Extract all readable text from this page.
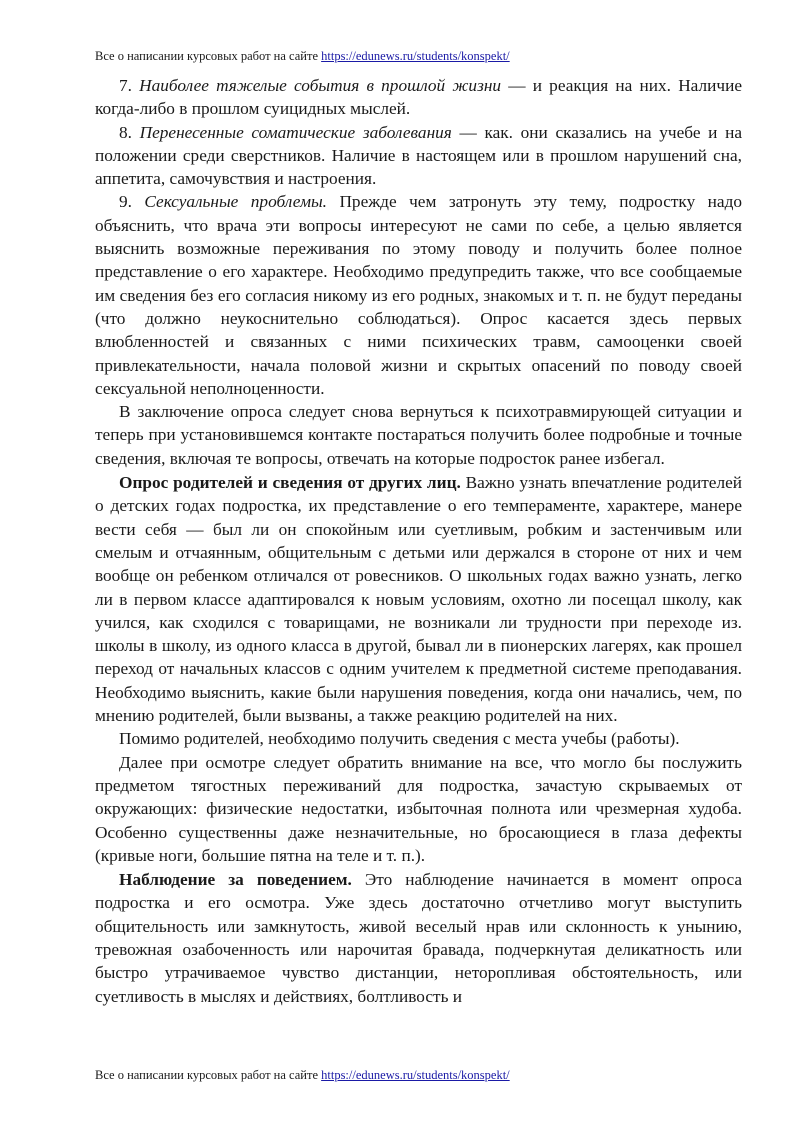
Все о написании курсовых работ на сайте https://edunews.ru/students/konspekt/

7. Наиболее тяжелые события в прошлой жизни — и реакция на них. Наличие когда-либо в прошлом суицидных мыслей.

8. Перенесенные соматические заболевания — как. они сказались на учебе и на положении среди сверстников. Наличие в настоящем или в прошлом нарушений сна, аппетита, самочувствия и настроения.

9. Сексуальные проблемы. Прежде чем затронуть эту тему, подростку надо объяснить, что врача эти вопросы интересуют не сами по себе, а целью является выяснить возможные переживания по этому поводу и получить более полное представление о его характере. Необходимо предупредить также, что все сообщаемые им сведения без его согласия никому из его родных, знакомых и т. п. не будут переданы (что должно неукоснительно соблюдаться). Опрос касается здесь первых влюбленностей и связанных с ними психических травм, самооценки своей привлекательности, начала половой жизни и скрытых опасений по поводу своей сексуальной неполноценности.

В заключение опроса следует снова вернуться к психотравмирующей ситуации и теперь при установившемся контакте постараться получить более подробные и точные сведения, включая те вопросы, отвечать на которые подросток ранее избегал.

Опрос родителей и сведения от других лиц. Важно узнать впечатление родителей о детских годах подростка, их представление о его темпераменте, характере, манере вести себя — был ли он спокойным или суетливым, робким и застенчивым или смелым и отчаянным, общительным с детьми или держался в стороне от них и чем вообще он ребенком отличался от ровесников. О школьных годах важно узнать, легко ли в первом классе адаптировался к новым условиям, охотно ли посещал школу, как учился, как сходился с товарищами, не возникали ли трудности при переходе из. школы в школу, из одного класса в другой, бывал ли в пионерских лагерях, как прошел переход от начальных классов с одним учителем к предметной системе преподавания. Необходимо выяснить, какие были нарушения поведения, когда они начались, чем, по мнению родителей, были вызваны, а также реакцию родителей на них.

Помимо родителей, необходимо получить сведения с места учебы (работы).

Далее при осмотре следует обратить внимание на все, что могло бы послужить предметом тягостных переживаний для подростка, зачастую скрываемых от окружающих: физические недостатки, избыточная полнота или чрезмерная худоба. Особенно существенны даже незначительные, но бросающиеся в глаза дефекты (кривые ноги, большие пятна на теле и т. п.).

Наблюдение за поведением. Это наблюдение начинается в момент опроса подростка и его осмотра. Уже здесь достаточно отчетливо могут выступить общительность или замкнутость, живой веселый нрав или склонность к унынию, тревожная озабоченность или нарочитая бравада, подчеркнутая деликатность или быстро утрачиваемое чувство дистанции, неторопливая обстоятельность, или суетливость в мыслях и действиях, болтливость и

Все о написании курсовых работ на сайте https://edunews.ru/students/konspekt/
